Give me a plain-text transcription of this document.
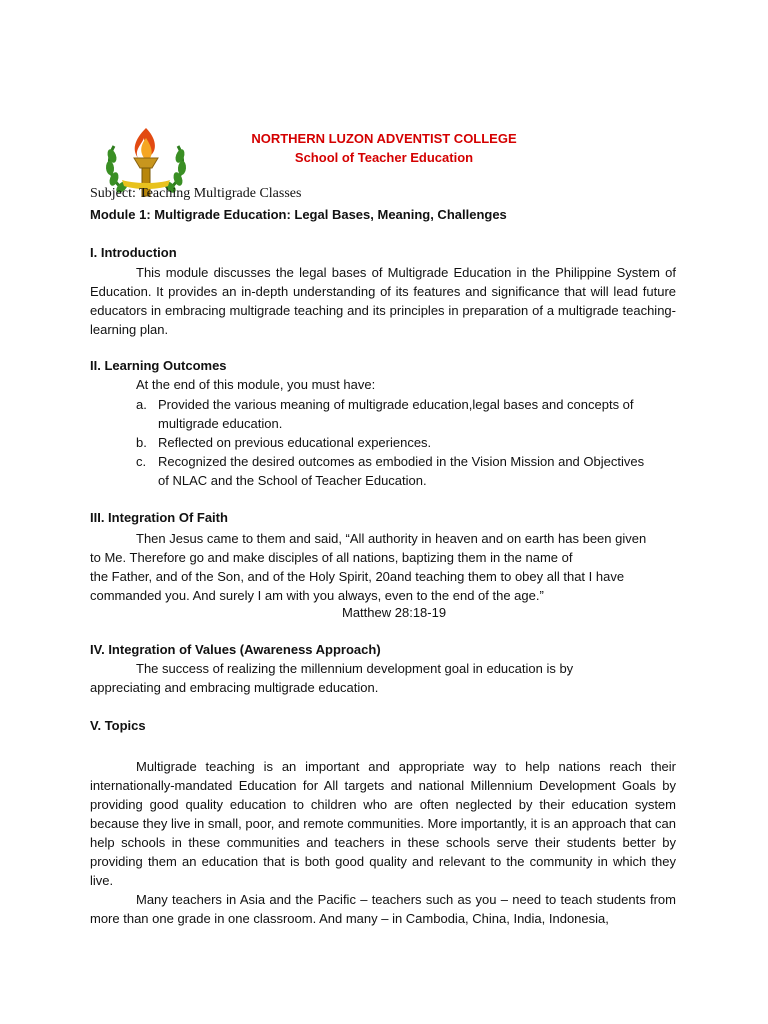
NORTHERN LUZON ADVENTIST COLLEGE
School of Teacher Education
Subject: Teaching Multigrade Classes
Module 1: Multigrade Education: Legal Bases, Meaning, Challenges
I. Introduction

This module discusses the legal bases of Multigrade Education in the Philippine System of Education. It provides an in-depth understanding of its features and significance that will lead future educators in embracing multigrade teaching and its principles in preparation of a multigrade teaching-learning plan.

II. Learning Outcomes
At the end of this module, you must have:
a. Provided the various meaning of multigrade education,legal bases and concepts of
multigrade education.
b. Reflected on previous educational experiences.
c. Recognized the desired outcomes as embodied in the Vision Mission and Objectives
of NLAC and the School of Teacher Education.
III. Integration Of Faith
Then Jesus came to them and said, “All authority in heaven and on earth has been given
to Me. Therefore go and make disciples of all nations, baptizing them in the name of
the Father, and of the Son, and of the Holy Spirit, 20and teaching them to obey all that I have
commanded you. And surely I am with you always, even to the end of the age.”
Matthew 28:18-19
IV. Integration of Values (Awareness Approach)
The success of realizing the millennium development goal in education is by
appreciating and embracing multigrade education.
V. Topics

Multigrade teaching is an important and appropriate way to help nations reach their internationally-mandated Education for All targets and national Millennium Development Goals by providing good quality education to children who are often neglected by their education system because they live in small, poor, and remote communities. More importantly, it is an approach that can help schools in these communities and teachers in these schools serve their students better by providing them an education that is both good quality and relevant to the community in which they live.

Many teachers in Asia and the Pacific – teachers such as you – need to teach students from more than one grade in one classroom. And many – in Cambodia, China, India, Indonesia,
